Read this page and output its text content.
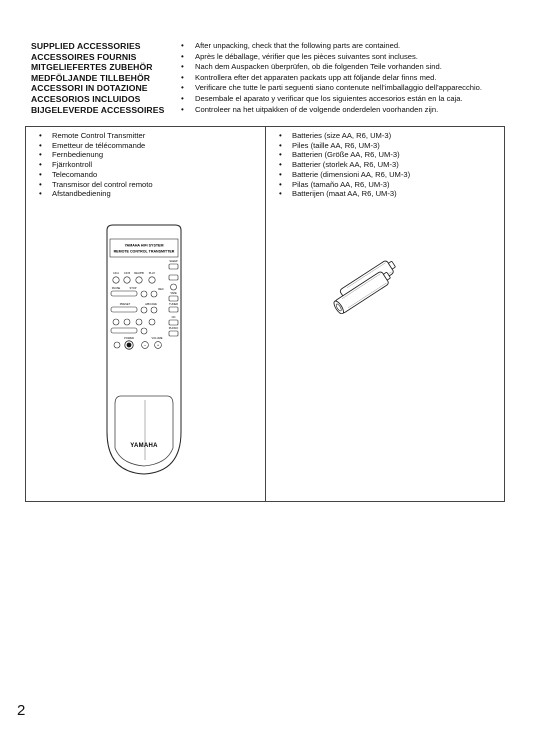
SUPPLIED ACCESSORIES	• After unpacking, check that the following parts are contained.
ACCESSOIRES FOURNIS	• Après le déballage, vérifier que les pièces suivantes sont incluses.
MITGELIEFERTES ZUBEHÖR	• Nach dem Auspacken überprüfen, ob die folgenden Teile vorhanden sind.
MEDFÖLJANDE TILLBEHÖR	• Kontrollera efter det apparaten packats upp att följande delar finns med.
ACCESSORI IN DOTAZIONE	• Verificare che tutte le parti seguenti siano contenute nell'imballaggio dell'apparecchio.
ACCESORIOS INCLUIDOS	• Desembale el aparato y verificar que los siguientes accesorios están en la caja.
BIJGELEVERDE ACCESSOIRES • Controleer na het uitpakken of de volgende onderdelen voorhanden zijn.
• Remote Control Transmitter
• Emetteur de télécommande
• Fernbedienung
• Fjärrkontroll
• Telecomando
• Transmisor del control remoto
• Afstandbediening
• Batteries (size AA, R6, UM-3)
• Piles (taille AA, R6, UM-3)
• Batterien (Größe AA, R6, UM-3)
• Batterier (storlek AA, R6, UM-3)
• Batterie (dimensioni AA, R6, UM-3)
• Pilas (tamaño AA, R6, UM-3)
• Batterijen (maat AA, R6, UM-3)
YAMAHA HiFi SYSTEM
REMOTE CONTROL TRANSMITTER
SLEEP
CD A CD B REV/PB PLAY
PAUSE	STOP	REC
TAPE
PRESET	A/B/C/D/E	TUNER
CD
PHONO
POWER	VOLUME
−	+
YAMAHA
2
